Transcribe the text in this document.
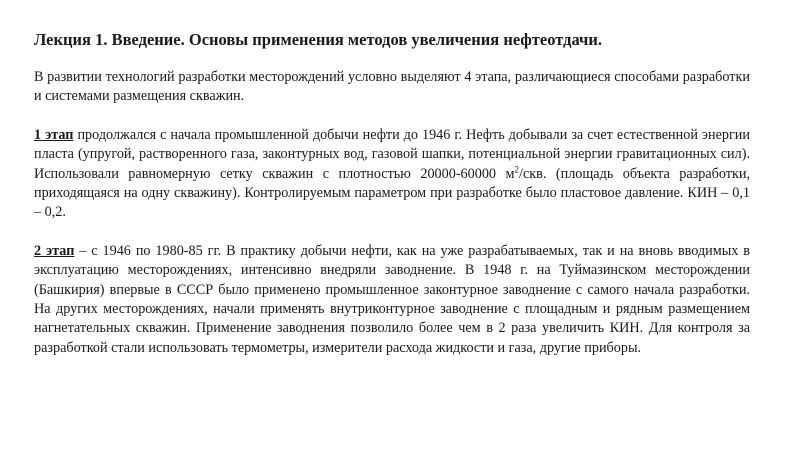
Лекция 1. Введение. Основы применения методов увеличения нефтеотдачи.

В развитии технологий разработки месторождений условно выделяют 4 этапа, различающиеся способами разработки и системами размещения скважин.

1 этап продолжался с начала промышленной добычи нефти до 1946 г. Нефть добывали за счет естественной энергии пласта (упругой, растворенного газа, законтурных вод, газовой шапки, потенциальной энергии гравитационных сил). Использовали равномерную сетку скважин с плотностью 20000-60000 $м^2$/скв. (площадь объекта разработки, приходящаяся на одну скважину). Контролируемым параметром при разработке было пластовое давление. КИН – 0,1 – 0,2.

2 этап – с 1946 по 1980-85 гг. В практику добычи нефти, как на уже разрабатываемых, так и на вновь вводимых в эксплуатацию месторождениях, интенсивно внедряли заводнение. В 1948 г. на Туймазинском месторождении (Башкирия) впервые в СССР было применено промышленное законтурное заводнение с самого начала разработки. На других месторождениях, начали применять внутриконтурное заводнение с площадным и рядным размещением нагнетательных скважин. Применение заводнения позволило более чем в 2 раза увеличить КИН. Для контроля за разработкой стали использовать термометры, измерители расхода жидкости и газа, другие приборы.
